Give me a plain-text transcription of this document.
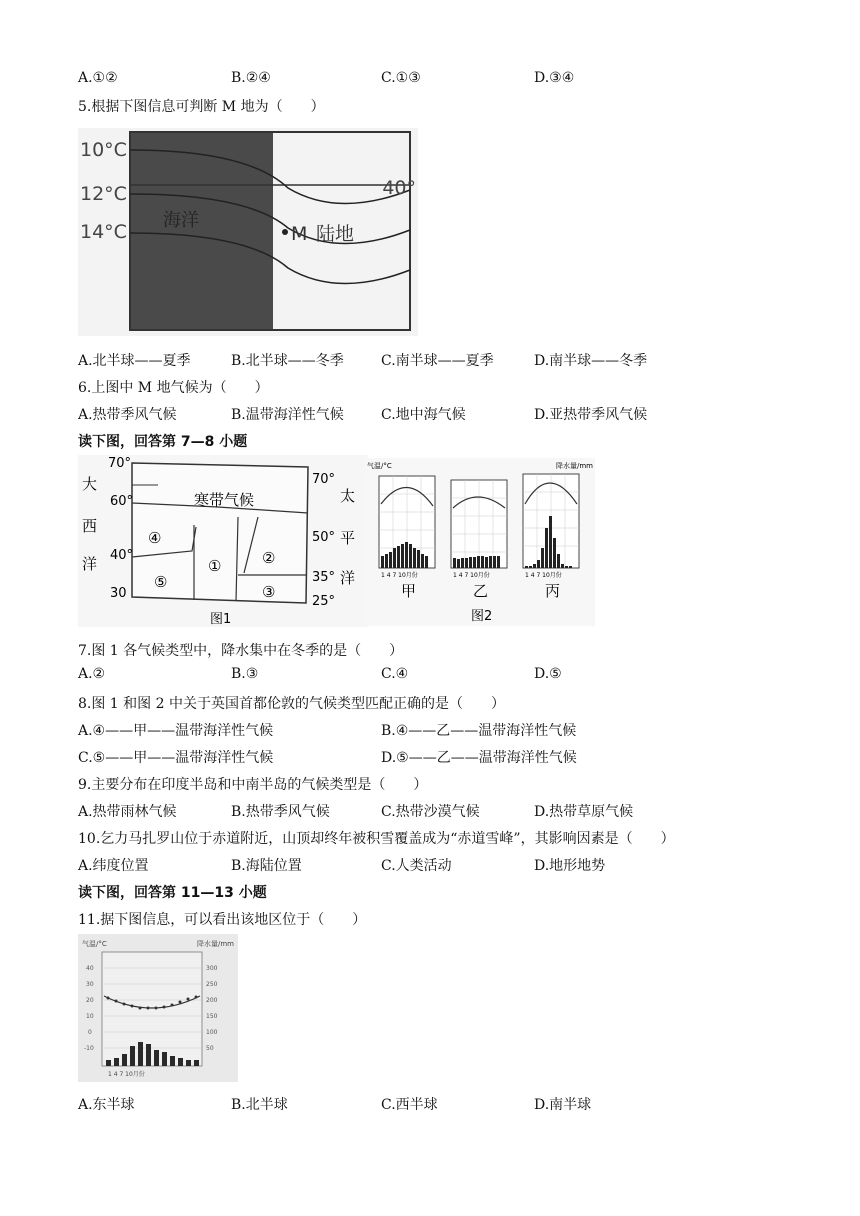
A.①②	B.②④	C.①③	D.③④
5.根据下图信息可判断 M 地为（　　）
10°C
12°C
14°C
40°
海洋
M 陆地
A.北半球——夏季	B.北半球——冬季	C.南半球——夏季	D.南半球——冬季
6.上图中 M 地气候为（　　）
A.热带季风气候	B.温带海洋性气候	C.地中海气候	D.亚热带季风气候
读下图，回答第 7—8 小题
70°
60°
40°
30
70°
50°
35°
25°
大
西
洋
太
平
洋
寒带气候
④
①	②
⑤
③
图1
气温/°C	降水量/mm
1 4 7 10月份	1 4 7 10月份	1 4 7 10月份
甲	乙	丙
图2
7.图 1 各气候类型中，降水集中在冬季的是（　　）
A.②	B.③	C.④	D.⑤
8.图 1 和图 2 中关于英国首都伦敦的气候类型匹配正确的是（　　）
A.④——甲——温带海洋性气候	B.④——乙——温带海洋性气候
C.⑤——甲——温带海洋性气候	D.⑤——乙——温带海洋性气候
9.主要分布在印度半岛和中南半岛的气候类型是（　　）
A.热带雨林气候	B.热带季风气候	C.热带沙漠气候	D.热带草原气候
10.乞力马扎罗山位于赤道附近，山顶却终年被积雪覆盖成为“赤道雪峰”，其影响因素是（　　）
A.纬度位置	B.海陆位置	C.人类活动	D.地形地势
读下图，回答第 11—13 小题
11.据下图信息，可以看出该地区位于（　　）
气温/°C	降水量/mm
40
30
20
10
0
-10
300
250
200
150
100
50
1 4 7 10月份
A.东半球	B.北半球	C.西半球	D.南半球
